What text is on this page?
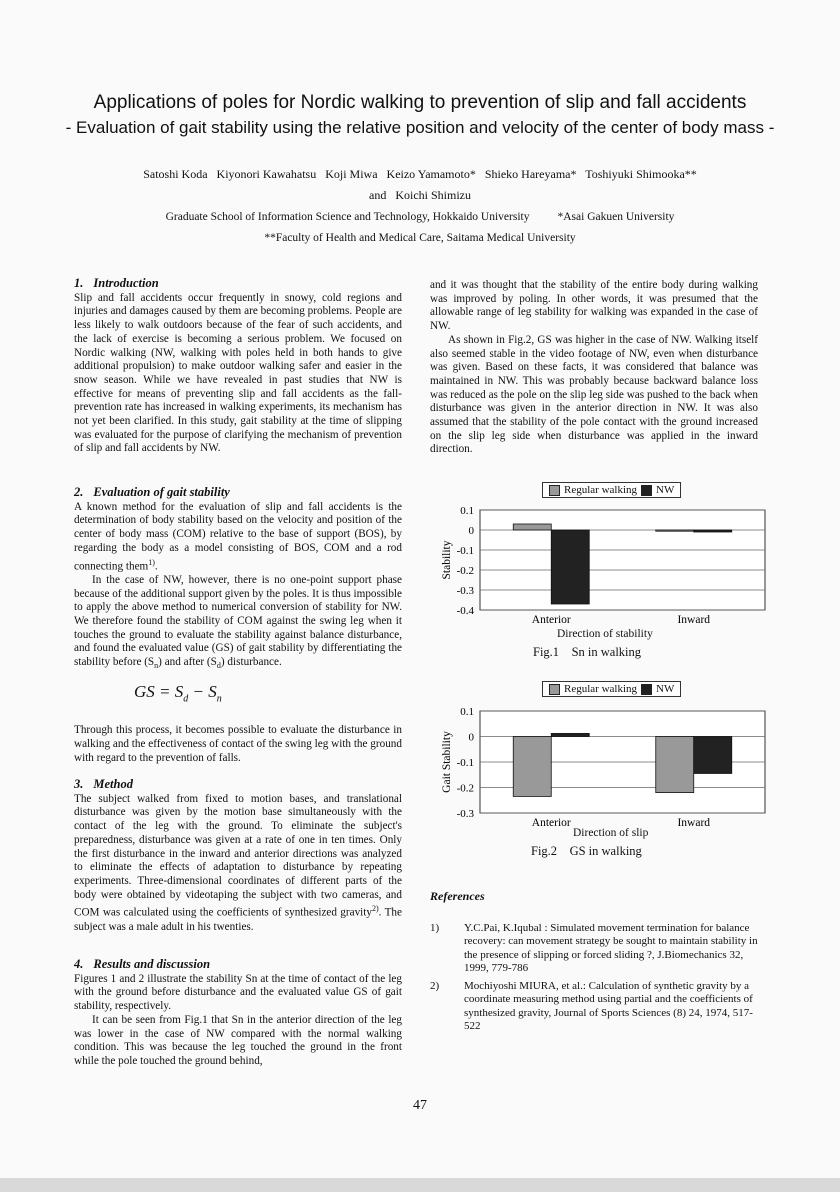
Applications of poles for Nordic walking to prevention of slip and fall accidents
- Evaluation of gait stability using the relative position and velocity of the center of body mass -
Satoshi Koda   Kiyonori Kawahatsu   Koji Miwa   Keizo Yamamoto*   Shieko Hareyama*   Toshiyuki Shimooka**
and   Koichi Shimizu
Graduate School of Information Science and Technology, Hokkaido University *Asai Gakuen University
**Faculty of Health and Medical Care, Saitama Medical University
1. Introduction

Slip and fall accidents occur frequently in snowy, cold regions and injuries and damages caused by them are becoming problems. People are less likely to walk outdoors because of the fear of such accidents, and the lack of exercise is becoming a serious problem. We focused on Nordic walking (NW, walking with poles held in both hands to give additional propulsion) to make outdoor walking safer and easier in the snow season. While we have revealed in past studies that NW is effective for means of preventing slip and fall accidents as the fall-prevention rate has increased in walking experiments, its mechanism has not yet been clarified. In this study, gait stability at the time of slipping was evaluated for the purpose of clarifying the mechanism of prevention of slip and fall accidents by NW.

2. Evaluation of gait stability

A known method for the evaluation of slip and fall accidents is the determination of body stability based on the velocity and position of the center of body mass (COM) relative to the base of support (BOS), by regarding the body as a model consisting of BOS, COM and a rod connecting them$^{1)}$.

In the case of NW, however, there is no one-point support phase because of the additional support given by the poles. It is thus impossible to apply the above method to numerical conversion of stability for NW. We therefore found the stability of COM against the swing leg when it touches the ground to evaluate the stability against balance disturbance, and found the evaluated value (GS) of gait stability by differentiating the stability before $(S_n)$ and after $(S_d)$ disturbance.

GS = $S_d - S_n$

Through this process, it becomes possible to evaluate the disturbance in walking and the effectiveness of contact of the swing leg with the ground with regard to the prevention of falls.

3. Method

The subject walked from fixed to motion bases, and translational disturbance was given by the motion base simultaneously with the contact of the leg with the ground. To eliminate the subject's preparedness, disturbance was given at a rate of one in ten times. Only the first disturbance in the inward and anterior directions was analyzed to eliminate the effects of adaptation to disturbance by repeating experiments. Three-dimensional coordinates of different parts of the body were obtained by videotaping the subject with two cameras, and COM was calculated using the coefficients of synthesized gravity$^{2)}$. The subject was a male adult in his twenties.

4. Results and discussion

Figures 1 and 2 illustrate the stability Sn at the time of contact of the leg with the ground before disturbance and the evaluated value GS of gait stability, respectively.

It can be seen from Fig.1 that Sn in the anterior direction of the leg was lower in the case of NW compared with the normal walking condition. This was because the leg touched the ground in the front while the pole touched the ground behind,

and it was thought that the stability of the entire body during walking was improved by poling. In other words, it was presumed that the allowable range of leg stability for walking was expanded in the case of NW.

As shown in Fig.2, GS was higher in the case of NW. Walking itself also seemed stable in the video footage of NW, even when disturbance was given. Based on these facts, it was considered that balance was maintained in NW. This was probably because backward balance loss was reduced as the pole on the slip leg side was pushed to the back when disturbance was given in the anterior direction in NW. It was also assumed that the stability of the pole contact with the ground increased on the slip leg side when disturbance was applied in the inward direction.

Regular walking NW
0.1
0
-0.1
-0.2
-0.3
-0.4
Stability
Anterior	Inward
Direction of stability
Fig.1 Sn in walking
Regular walking NW
0.1
0
-0.1
-0.2
-0.3
Gait Stability
Anterior	Inward
Direction of slip
Fig.2 GS in walking
References
1)	Y.C.Pai, K.Iqubal : Simulated movement termination for balance recovery: can movement strategy be sought to maintain stability in the presence of slipping or forced sliding ?, J.Biomechanics 32, 1999, 779-786
2)	Mochiyoshi MIURA, et al.: Calculation of synthetic gravity by a coordinate measuring method using partial and the coefficients of synthesized gravity, Journal of Sports Sciences (8) 24, 1974, 517-522
47
